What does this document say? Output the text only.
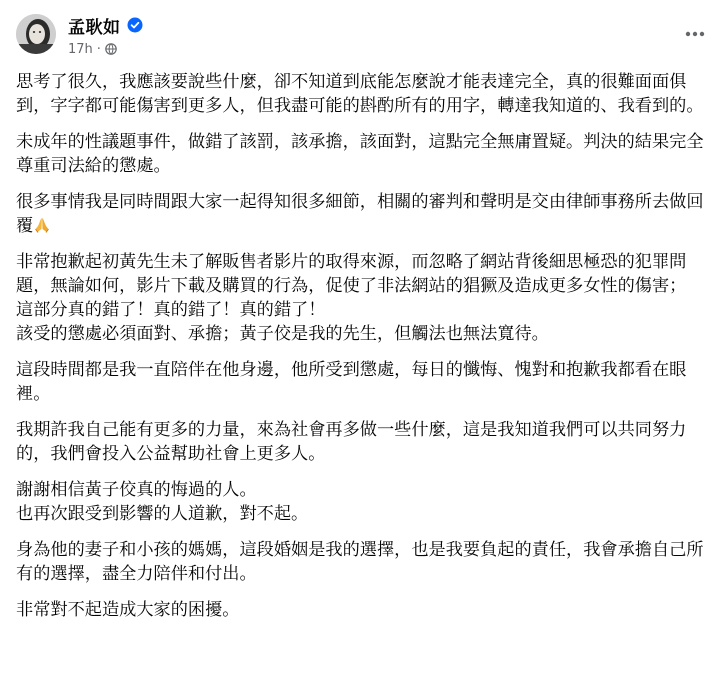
孟耿如
17h ·

思考了很久，我應該要說些什麼，卻不知道到底能怎麼說才能表達完全，真的很難面面俱到，字字都可能傷害到更多人，但我盡可能的斟酌所有的用字，轉達我知道的、我看到的。

未成年的性議題事件，做錯了該罰，該承擔，該面對，這點完全無庸置疑。判決的結果完全尊重司法給的懲處。

很多事情我是同時間跟大家一起得知很多細節，相關的審判和聲明是交由律師事務所去做回覆

非常抱歉起初黃先生未了解販售者影片的取得來源，而忽略了網站背後細思極恐的犯罪問題，無論如何，影片下載及購買的行為，促使了非法網站的猖獗及造成更多女性的傷害；

這部分真的錯了！真的錯了！真的錯了！

該受的懲處必須面對、承擔；黃子佼是我的先生，但觸法也無法寬待。

這段時間都是我一直陪伴在他身邊，他所受到懲處，每日的懺悔、愧對和抱歉我都看在眼裡。

我期許我自己能有更多的力量，來為社會再多做一些什麼，這是我知道我們可以共同努力的，我們會投入公益幫助社會上更多人。

謝謝相信黃子佼真的悔過的人。

也再次跟受到影響的人道歉，對不起。

身為他的妻子和小孩的媽媽，這段婚姻是我的選擇，也是我要負起的責任，我會承擔自己所有的選擇，盡全力陪伴和付出。

非常對不起造成大家的困擾。
